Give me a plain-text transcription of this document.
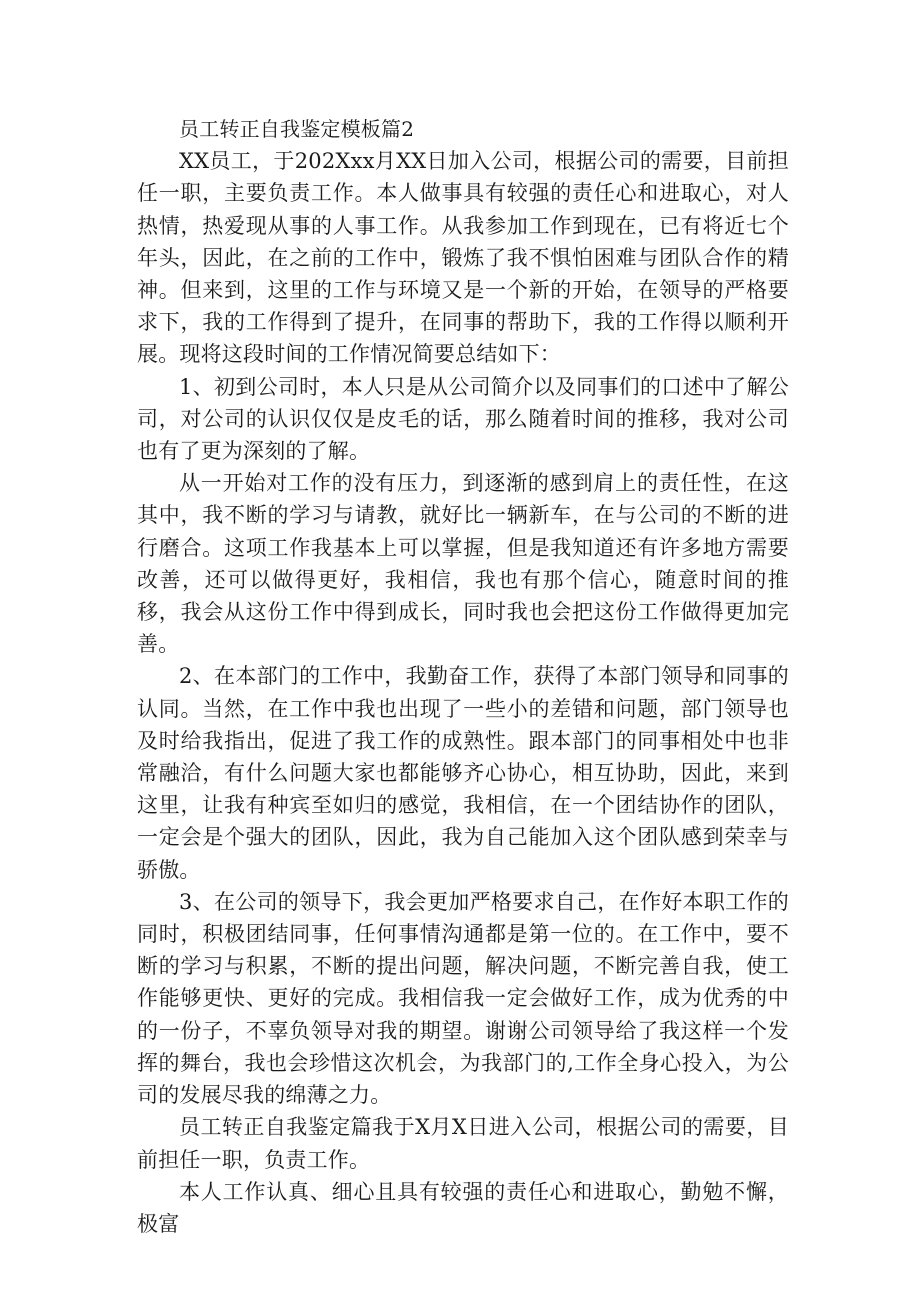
员工转正自我鉴定模板篇2

XX员工，于202Xxx月XX日加入公司，根据公司的需要，目前担任一职，主要负责工作。本人做事具有较强的责任心和进取心，对人热情，热爱现从事的人事工作。从我参加工作到现在，已有将近七个年头，因此，在之前的工作中，锻炼了我不惧怕困难与团队合作的精神。但来到，这里的工作与环境又是一个新的开始，在领导的严格要求下，我的工作得到了提升，在同事的帮助下，我的工作得以顺利开展。现将这段时间的工作情况简要总结如下：

1、初到公司时，本人只是从公司简介以及同事们的口述中了解公司，对公司的认识仅仅是皮毛的话，那么随着时间的推移，我对公司也有了更为深刻的了解。

从一开始对工作的没有压力，到逐渐的感到肩上的责任性，在这其中，我不断的学习与请教，就好比一辆新车，在与公司的不断的进行磨合。这项工作我基本上可以掌握，但是我知道还有许多地方需要改善，还可以做得更好，我相信，我也有那个信心，随意时间的推移，我会从这份工作中得到成长，同时我也会把这份工作做得更加完善。

2、在本部门的工作中，我勤奋工作，获得了本部门领导和同事的认同。当然，在工作中我也出现了一些小的差错和问题，部门领导也及时给我指出，促进了我工作的成熟性。跟本部门的同事相处中也非常融洽，有什么问题大家也都能够齐心协心，相互协助，因此，来到这里，让我有种宾至如归的感觉，我相信，在一个团结协作的团队，一定会是个强大的团队，因此，我为自己能加入这个团队感到荣幸与骄傲。

3、在公司的领导下，我会更加严格要求自己，在作好本职工作的同时，积极团结同事，任何事情沟通都是第一位的。在工作中，要不断的学习与积累，不断的提出问题，解决问题，不断完善自我，使工作能够更快、更好的完成。我相信我一定会做好工作，成为优秀的中的一份子，不辜负领导对我的期望。谢谢公司领导给了我这样一个发挥的舞台，我也会珍惜这次机会，为我部门的,工作全身心投入，为公司的发展尽我的绵薄之力。

员工转正自我鉴定篇我于X月X日进入公司，根据公司的需要，目前担任一职，负责工作。

本人工作认真、细心且具有较强的责任心和进取心，勤勉不懈，极富
